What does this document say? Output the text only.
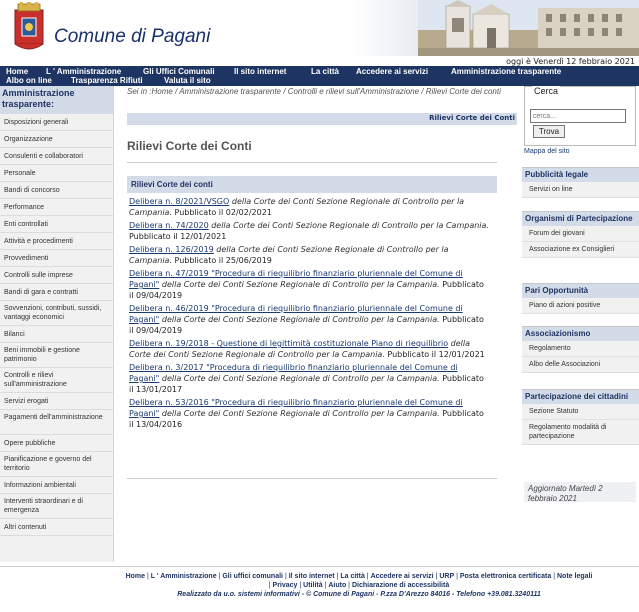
Comune di Pagani
oggi è Venerdì 12 febbraio 2021
Home L ' Amministrazione	Gli Uffici Comunali Il sito internet	La città Accedere ai servizi	Amministrazione trasparente
Albo on line Trasparenza Rifiuti	Valuta il sito
Amministrazione trasparente:
Disposizioni generali
Organizzazione
Consulenti e collaboratori
Personale
Bandi di concorso
Performance
Enti controllati
Attività e procedimenti
Provvedimenti
Controlli sulle imprese
Bandi di gara e contratti
Sovvenzioni, contributi, sussidi, vantaggi economici
Bilanci
Beni immobili e gestione patrimonio
Controlli e rilievi sull'amministrazione
Servizi erogati
Pagamenti dell'amministrazione
Opere pubbliche
Pianificazione e governo del territorio
Informazioni ambientali
Interventi straordinari e di emergenza
Altri contenuti
Sei in :Home / Amministrazione trasparente / Controlli e rilievi sull'Amministrazione / Rilievi Corte dei conti
Rilievi Corte dei Conti
Rilievi Corte dei Conti
Rilievi Corte dei conti
Delibera n. 8/2021/VSGO della Corte dei Conti Sezione Regionale di Controllo per la Campania. Pubblicato il 02/02/2021
Delibera n. 74/2020 della Corte dei Conti Sezione Regionale di Controllo per la Campania. Pubblicato il 12/01/2021
Delibera n. 126/2019 della Corte dei Conti Sezione Regionale di Controllo per la Campania. Pubblicato il 25/06/2019
Delibera n. 47/2019 "Procedura di riequilibrio finanziario pluriennale del Comune di Pagani" della Corte dei Conti Sezione Regionale di Controllo per la Campania. Pubblicato il 09/04/2019
Delibera n. 46/2019 "Procedura di riequilibrio finanziario pluriennale del Comune di Pagani" della Corte dei Conti Sezione Regionale di Controllo per la Campania. Pubblicato il 09/04/2019
Delibera n. 19/2018 - Questione di legittimità costituzionale Piano di riequilibrio della Corte dei Conti Sezione Regionale di Controllo per la Campania. Pubblicato il 12/01/2021
Delibera n. 3/2017 "Procedura di riequilibrio finanziario pluriennale del Comune di Pagani" della Corte dei Conti Sezione Regionale di Controllo per la Campania. Pubblicato il 13/01/2017
Delibera n. 53/2016 "Procedura di riequilibrio finanziario pluriennale del Comune di Pagani" della Corte dei Conti Sezione Regionale di Controllo per la Campania. Pubblicato il 13/04/2016
Cerca
cerca...
Trova
Mappa del sito
Pubblicità legale
Servizi on line
Organismi di Partecipazione
Forum dei giovani
Associazione ex Consiglieri
Pari Opportunità
Piano di azioni positive
Associazionismo
Regolamento
Albo delle Associazioni
Partecipazione dei cittadini
Sezione Statuto
Regolamento modalità di partecipazione
Aggiornato Martedì 2 febbraio 2021
Home | L ' Amministrazione | Gli uffici comunali | Il sito internet | La città | Accedere ai servizi | URP | Posta elettronica certificata | Note legali | Privacy | Utilità | Aiuto | Dichiarazione di accessibilità
Realizzato da u.o. sistemi informativi - © Comune di Pagani - P.zza D'Arezzo 84016 - Telefono +39.081.3240111
